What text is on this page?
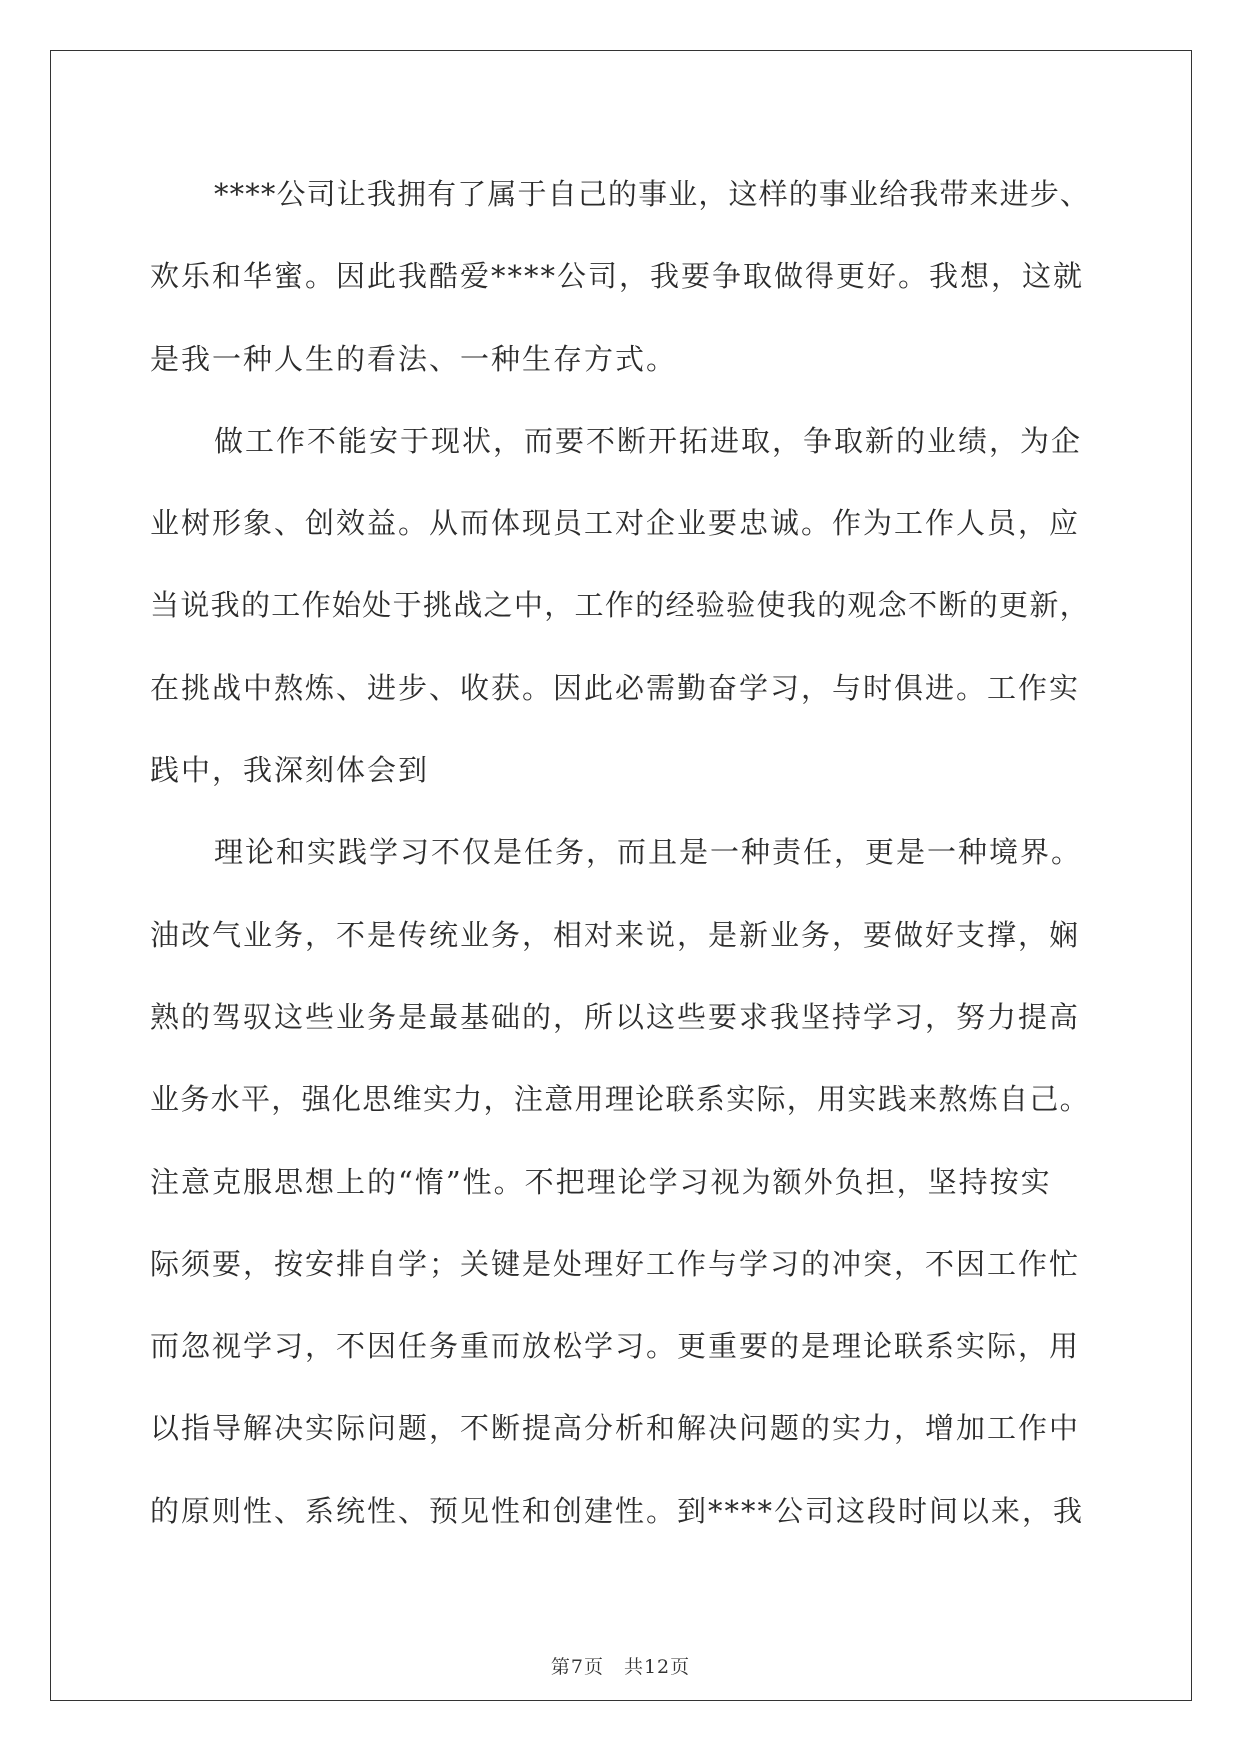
****公司让我拥有了属于自己的事业，这样的事业给我带来进步、
欢乐和华蜜。因此我酷爱****公司，我要争取做得更好。我想，这就
是我一种人生的看法、一种生存方式。
做工作不能安于现状，而要不断开拓进取，争取新的业绩，为企
业树形象、创效益。从而体现员工对企业要忠诚。作为工作人员，应
当说我的工作始处于挑战之中，工作的经验验使我的观念不断的更新，
在挑战中熬炼、进步、收获。因此必需勤奋学习，与时俱进。工作实
践中，我深刻体会到
理论和实践学习不仅是任务，而且是一种责任，更是一种境界。
油改气业务，不是传统业务，相对来说，是新业务，要做好支撑，娴
熟的驾驭这些业务是最基础的，所以这些要求我坚持学习，努力提高
业务水平，强化思维实力，注意用理论联系实际，用实践来熬炼自己。
注意克服思想上的“惰”性。不把理论学习视为额外负担，坚持按实
际须要，按安排自学；关键是处理好工作与学习的冲突，不因工作忙
而忽视学习，不因任务重而放松学习。更重要的是理论联系实际，用
以指导解决实际问题，不断提高分析和解决问题的实力，增加工作中
的原则性、系统性、预见性和创建性。到****公司这段时间以来，我
第7页　共12页
